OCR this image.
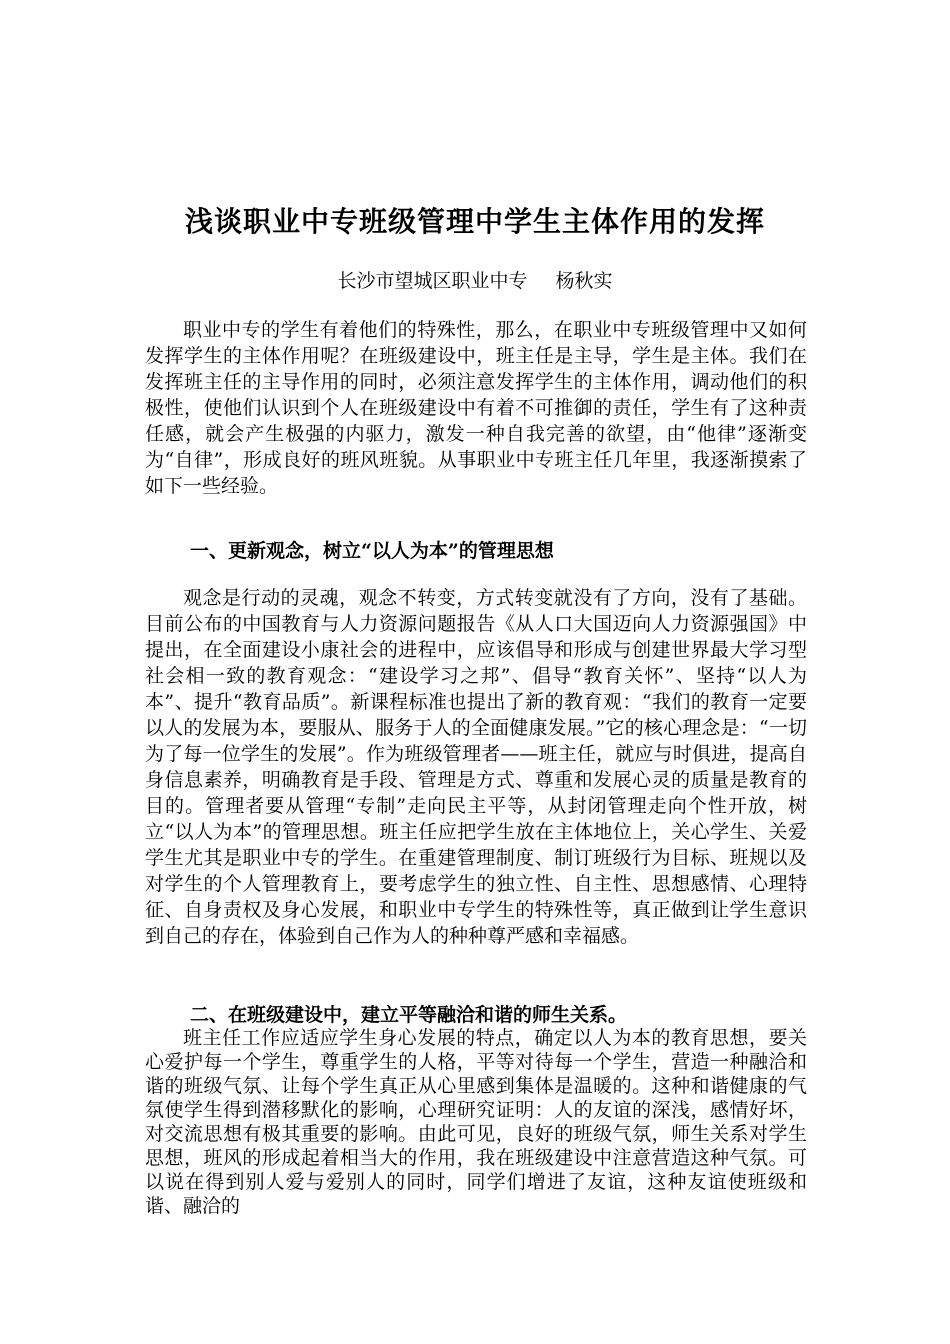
浅谈职业中专班级管理中学生主体作用的发挥
长沙市望城区职业中专 杨秋实

职业中专的学生有着他们的特殊性，那么，在职业中专班级管理中又如何发挥学生的主体作用呢？在班级建设中，班主任是主导，学生是主体。我们在发挥班主任的主导作用的同时，必须注意发挥学生的主体作用，调动他们的积极性，使他们认识到个人在班级建设中有着不可推御的责任，学生有了这种责任感，就会产生极强的内驱力，激发一种自我完善的欲望，由“他律”逐渐变为“自律”，形成良好的班风班貌。从事职业中专班主任几年里，我逐渐摸索了如下一些经验。

一、更新观念，树立“以人为本”的管理思想

观念是行动的灵魂，观念不转变，方式转变就没有了方向，没有了基础。目前公布的中国教育与人力资源问题报告《从人口大国迈向人力资源强国》中提出，在全面建设小康社会的进程中，应该倡导和形成与创建世界最大学习型社会相一致的教育观念：“建设学习之邦”、倡导“教育关怀”、坚持“以人为本”、提升“教育品质”。新课程标准也提出了新的教育观：“我们的教育一定要以人的发展为本，要服从、服务于人的全面健康发展。”它的核心理念是：“一切为了每一位学生的发展”。作为班级管理者——班主任，就应与时俱进，提高自身信息素养，明确教育是手段、管理是方式、尊重和发展心灵的质量是教育的目的。管理者要从管理“专制”走向民主平等，从封闭管理走向个性开放，树立“以人为本”的管理思想。班主任应把学生放在主体地位上，关心学生、关爱学生尤其是职业中专的学生。在重建管理制度、制订班级行为目标、班规以及对学生的个人管理教育上，要考虑学生的独立性、自主性、思想感情、心理特征、自身责权及身心发展，和职业中专学生的特殊性等，真正做到让学生意识到自己的存在，体验到自己作为人的种种尊严感和幸福感。

二、在班级建设中，建立平等融洽和谐的师生关系。

班主任工作应适应学生身心发展的特点，确定以人为本的教育思想，要关心爱护每一个学生，尊重学生的人格，平等对待每一个学生，营造一种融洽和谐的班级气氛、让每个学生真正从心里感到集体是温暖的。这种和谐健康的气氛使学生得到潜移默化的影响，心理研究证明：人的友谊的深浅，感情好坏，对交流思想有极其重要的影响。由此可见，良好的班级气氛，师生关系对学生思想，班风的形成起着相当大的作用，我在班级建设中注意营造这种气氛。可以说在得到别人爱与爱别人的同时，同学们增进了友谊，这种友谊使班级和谐、融洽的
